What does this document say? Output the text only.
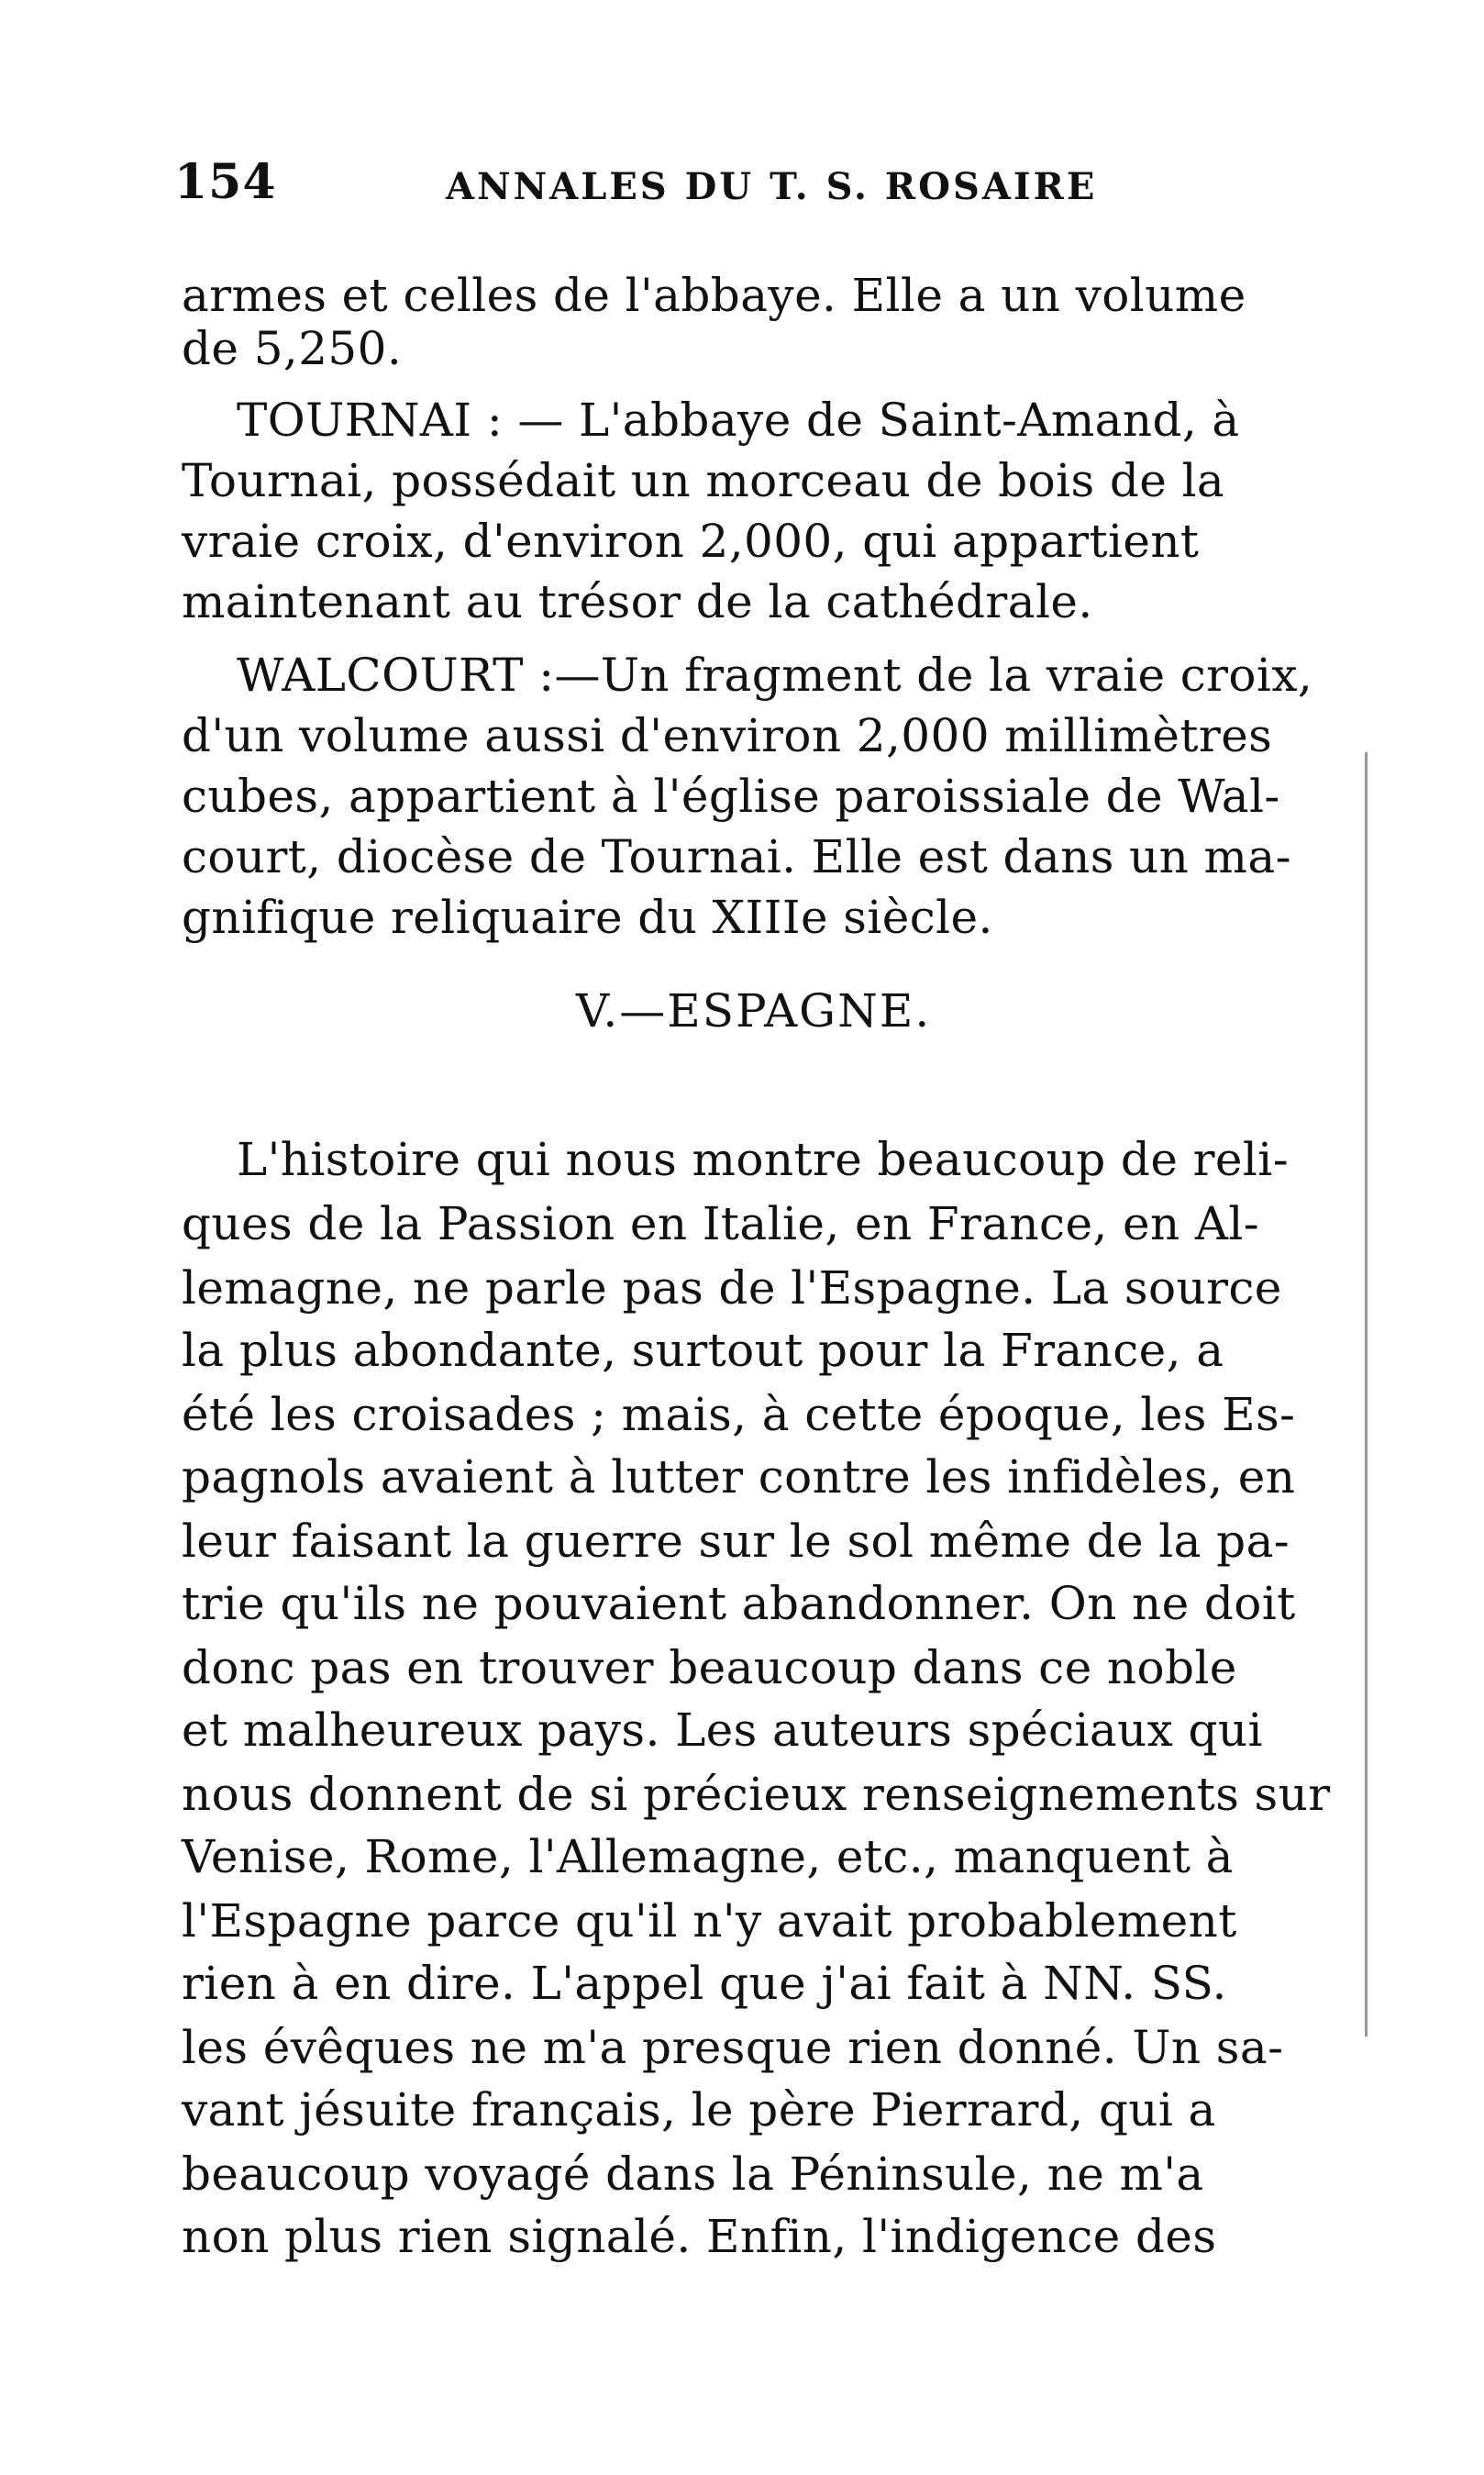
154	ANNALES DU T. S. ROSAIRE
armes et celles de l'abbaye. Elle a un volume
de 5,250.
TOURNAI : — L'abbaye de Saint-Amand, à
Tournai, possédait un morceau de bois de la
vraie croix, d'environ 2,000, qui appartient
maintenant au trésor de la cathédrale.
WALCOURT :—Un fragment de la vraie croix,
d'un volume aussi d'environ 2,000 millimètres
cubes, appartient à l'église paroissiale de Wal-
court, diocèse de Tournai. Elle est dans un ma-
gnifique reliquaire du XIIIe siècle.
V.—ESPAGNE.
L'histoire qui nous montre beaucoup de reli-
ques de la Passion en Italie, en France, en Al-
lemagne, ne parle pas de l'Espagne. La source
la plus abondante, surtout pour la France, a
été les croisades ; mais, à cette époque, les Es-
pagnols avaient à lutter contre les infidèles, en
leur faisant la guerre sur le sol même de la pa-
trie qu'ils ne pouvaient abandonner. On ne doit
donc pas en trouver beaucoup dans ce noble
et malheureux pays. Les auteurs spéciaux qui
nous donnent de si précieux renseignements sur
Venise, Rome, l'Allemagne, etc., manquent à
l'Espagne parce qu'il n'y avait probablement
rien à en dire. L'appel que j'ai fait à NN. SS.
les évêques ne m'a presque rien donné. Un sa-
vant jésuite français, le père Pierrard, qui a
beaucoup voyagé dans la Péninsule, ne m'a
non plus rien signalé. Enfin, l'indigence des
